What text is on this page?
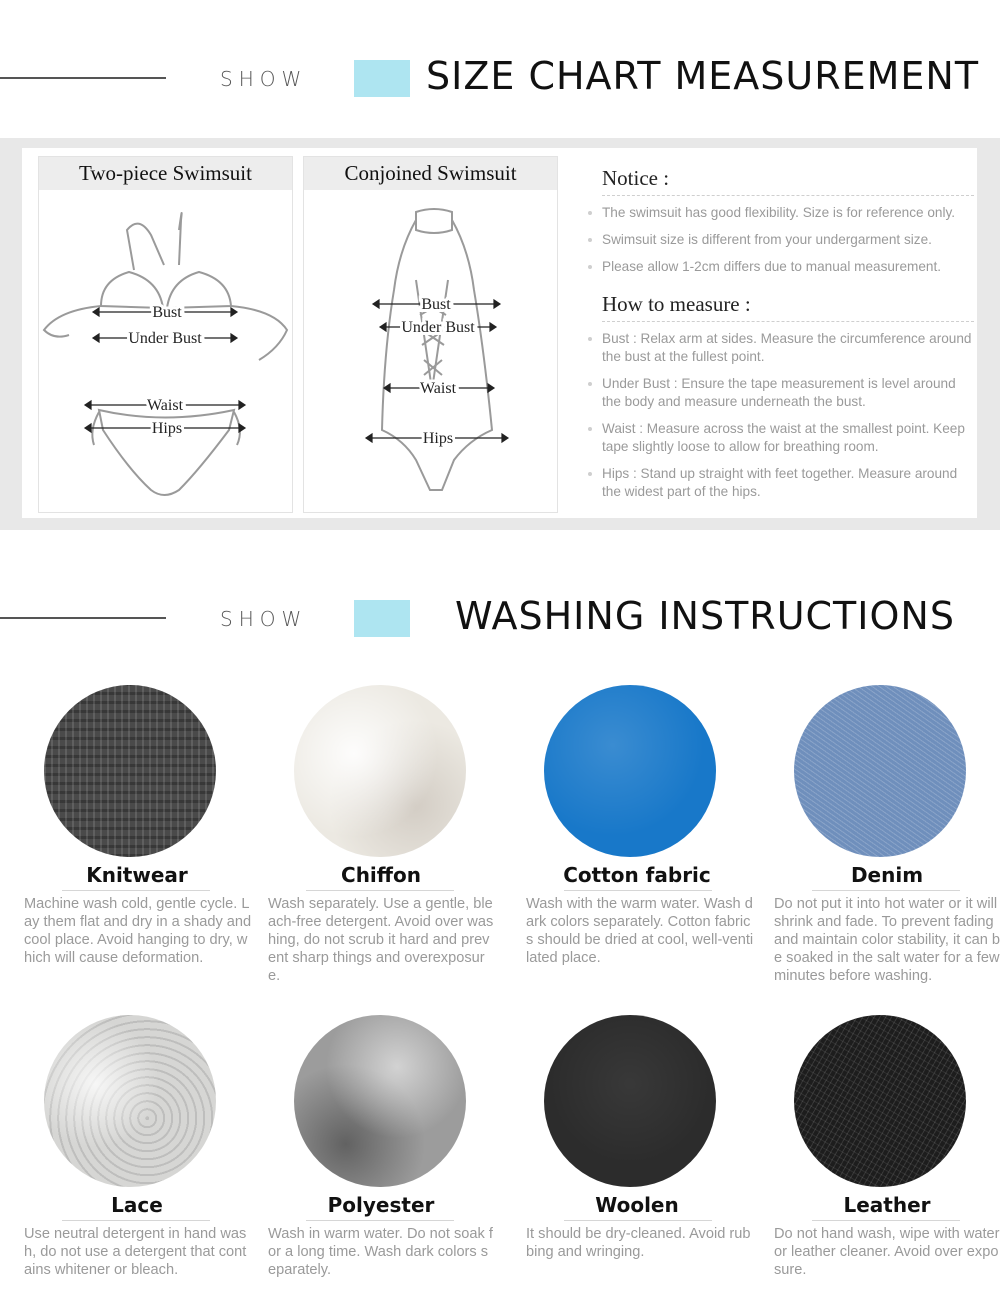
SHOW	SIZE CHART MEASUREMENT
Two-piece Swimsuit
Bust
Under Bust
Waist
Hips
Conjoined Swimsuit
Bust
Under Bust
Waist
Hips
Notice :
The swimsuit has good flexibility. Size is for reference only.
Swimsuit size is different from your undergarment size.
Please allow 1-2cm differs due to manual measurement.
How to measure :
Bust : Relax arm at sides. Measure the circumference around the bust at the fullest point.
Under Bust : Ensure the tape measurement is level around the body and measure underneath the bust.
Waist : Measure across the waist at the smallest point. Keep tape slightly loose to allow for breathing room.
Hips : Stand up straight with feet together. Measure around the widest part of the hips.
SHOW	WASHING INSTRUCTIONS
Knitwear
Machine wash cold, gentle cycle. Lay them flat and dry in a shady and cool place. Avoid hanging to dry, which will cause deformation.
Chiffon
Wash separately. Use a gentle, bleach-free detergent. Avoid over washing, do not scrub it hard and prevent sharp things and overexposure.
Cotton fabric
Wash with the warm water. Wash dark colors separately. Cotton fabrics should be dried at cool, well-ventilated place.
Denim
Do not put it into hot water or it will shrink and fade. To prevent fading and maintain color stability, it can be soaked in the salt water for a few minutes before washing.
Lace
Use neutral detergent in hand wash, do not use a detergent that contains whitener or bleach.
Polyester
Wash in warm water. Do not soak for a long time. Wash dark colors separately.
Woolen
It should be dry-cleaned. Avoid rubbing and wringing.
Leather
Do not hand wash, wipe with water or leather cleaner. Avoid over exposure.
